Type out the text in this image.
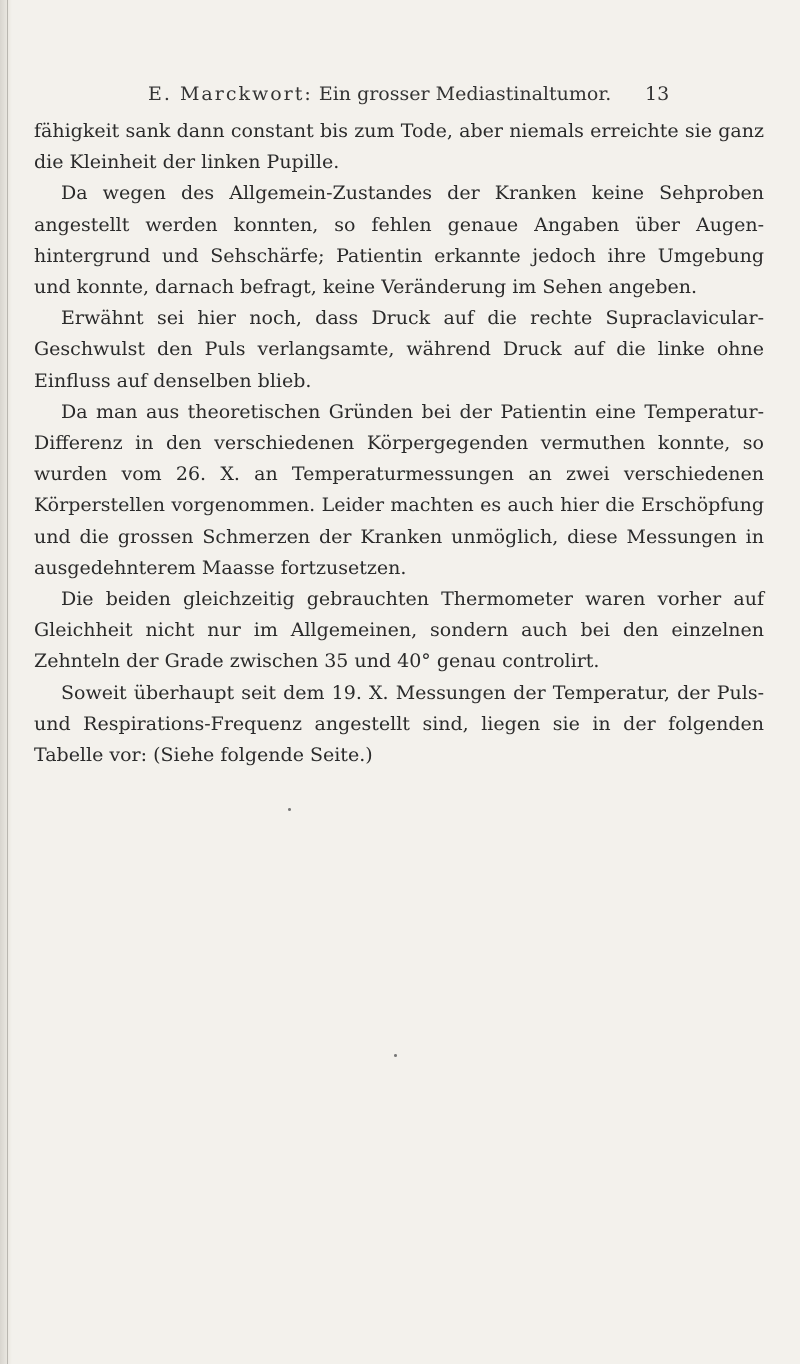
E. Marckwort: Ein grosser Mediastinaltumor. 13

fähigkeit sank dann constant bis zum Tode, aber niemals erreichte sie ganz die Kleinheit der linken Pupille.

Da wegen des Allgemein-Zustandes der Kranken keine Sehproben angestellt werden konnten, so fehlen genaue Angaben über Augen- hintergrund und Sehschärfe; Patientin erkannte jedoch ihre Umgebung und konnte, darnach befragt, keine Veränderung im Sehen angeben.

Erwähnt sei hier noch, dass Druck auf die rechte Supraclavicular- Geschwulst den Puls verlangsamte, während Druck auf die linke ohne Einfluss auf denselben blieb.

Da man aus theoretischen Gründen bei der Patientin eine Temperatur-Differenz in den verschiedenen Körpergegenden vermuthen konnte, so wurden vom 26. X. an Temperaturmessungen an zwei verschiedenen Körperstellen vorgenommen. Leider machten es auch hier die Erschöpfung und die grossen Schmerzen der Kranken unmöglich, diese Messungen in ausgedehnterem Maasse fortzusetzen.

Die beiden gleichzeitig gebrauchten Thermometer waren vorher auf Gleichheit nicht nur im Allgemeinen, sondern auch bei den einzelnen Zehnteln der Grade zwischen 35 und 40° genau controlirt.

Soweit überhaupt seit dem 19. X. Messungen der Temperatur, der Puls- und Respirations-Frequenz angestellt sind, liegen sie in der folgenden Tabelle vor: (Siehe folgende Seite.)
